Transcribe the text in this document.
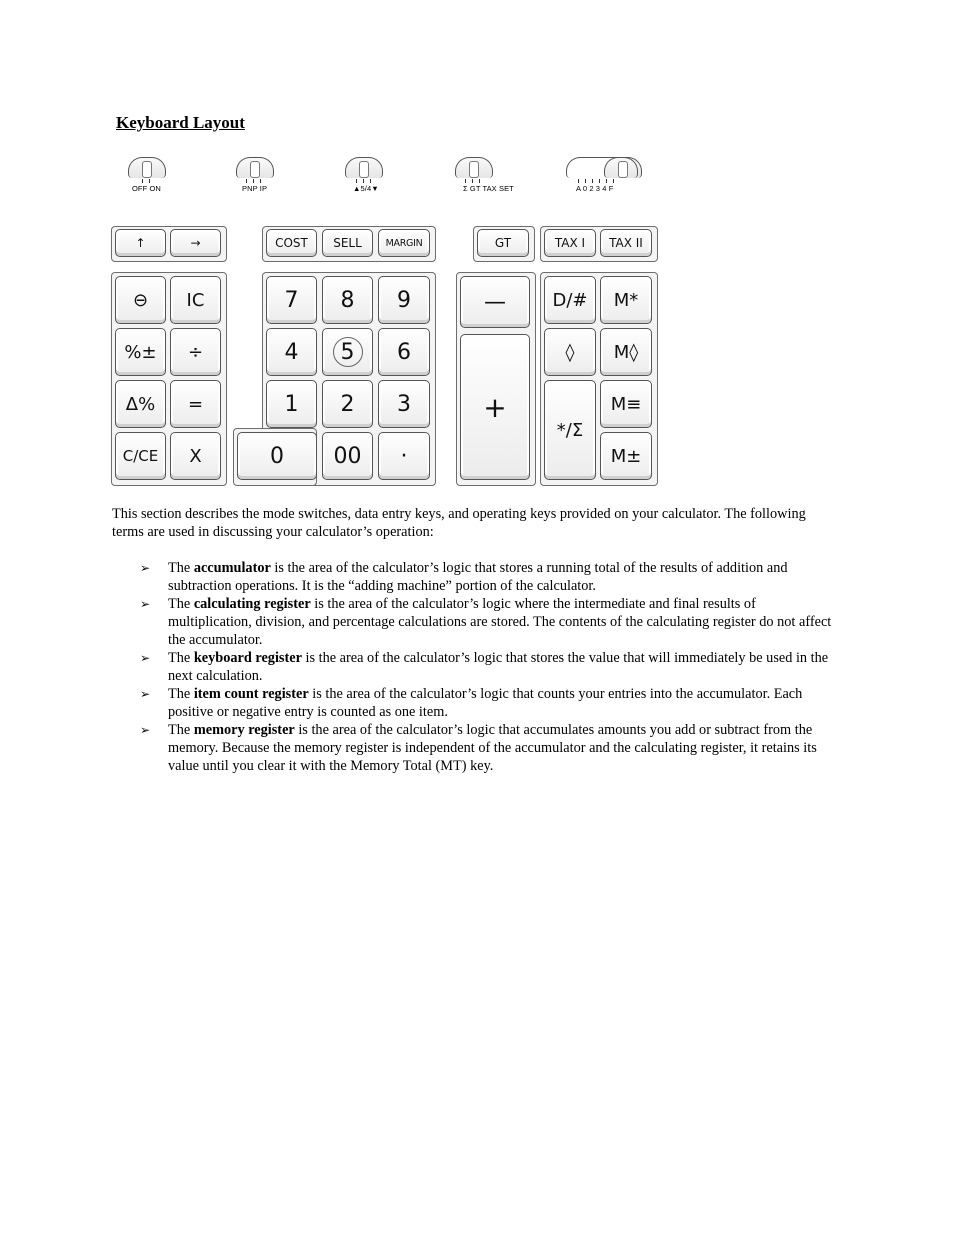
Keyboard Layout
OFF ON	PNP IP	▲5/4▼	Σ GT TAX SET	A 0 2 3 4 F
↑	→	COST SELL	MARGIN	GT	TAX I TAX II
⊖ IC
%± ÷
Δ% =
C/CE X
7 8 9
4	5	6
1 2 3
0 00 ·
—
+
D/# M*
◊ M◊
*/Σ
M≡
M±

This section describes the mode switches, data entry keys, and operating keys provided on your calculator. The following terms are used in discussing your calculator’s operation:

➢ The accumulator is the area of the calculator’s logic that stores a running total of the results of addition and subtraction operations. It is the “adding machine” portion of the calculator.
➢ The calculating register is the area of the calculator’s logic where the intermediate and final results of multiplication, division, and percentage calculations are stored. The contents of the calculating register do not affect the accumulator.
➢ The keyboard register is the area of the calculator’s logic that stores the value that will immediately be used in the next calculation.
➢ The item count register is the area of the calculator’s logic that counts your entries into the accumulator. Each positive or negative entry is counted as one item.
➢ The memory register is the area of the calculator’s logic that accumulates amounts you add or subtract from the memory. Because the memory register is independent of the accumulator and the calculating register, it retains its value until you clear it with the Memory Total (MT) key.
